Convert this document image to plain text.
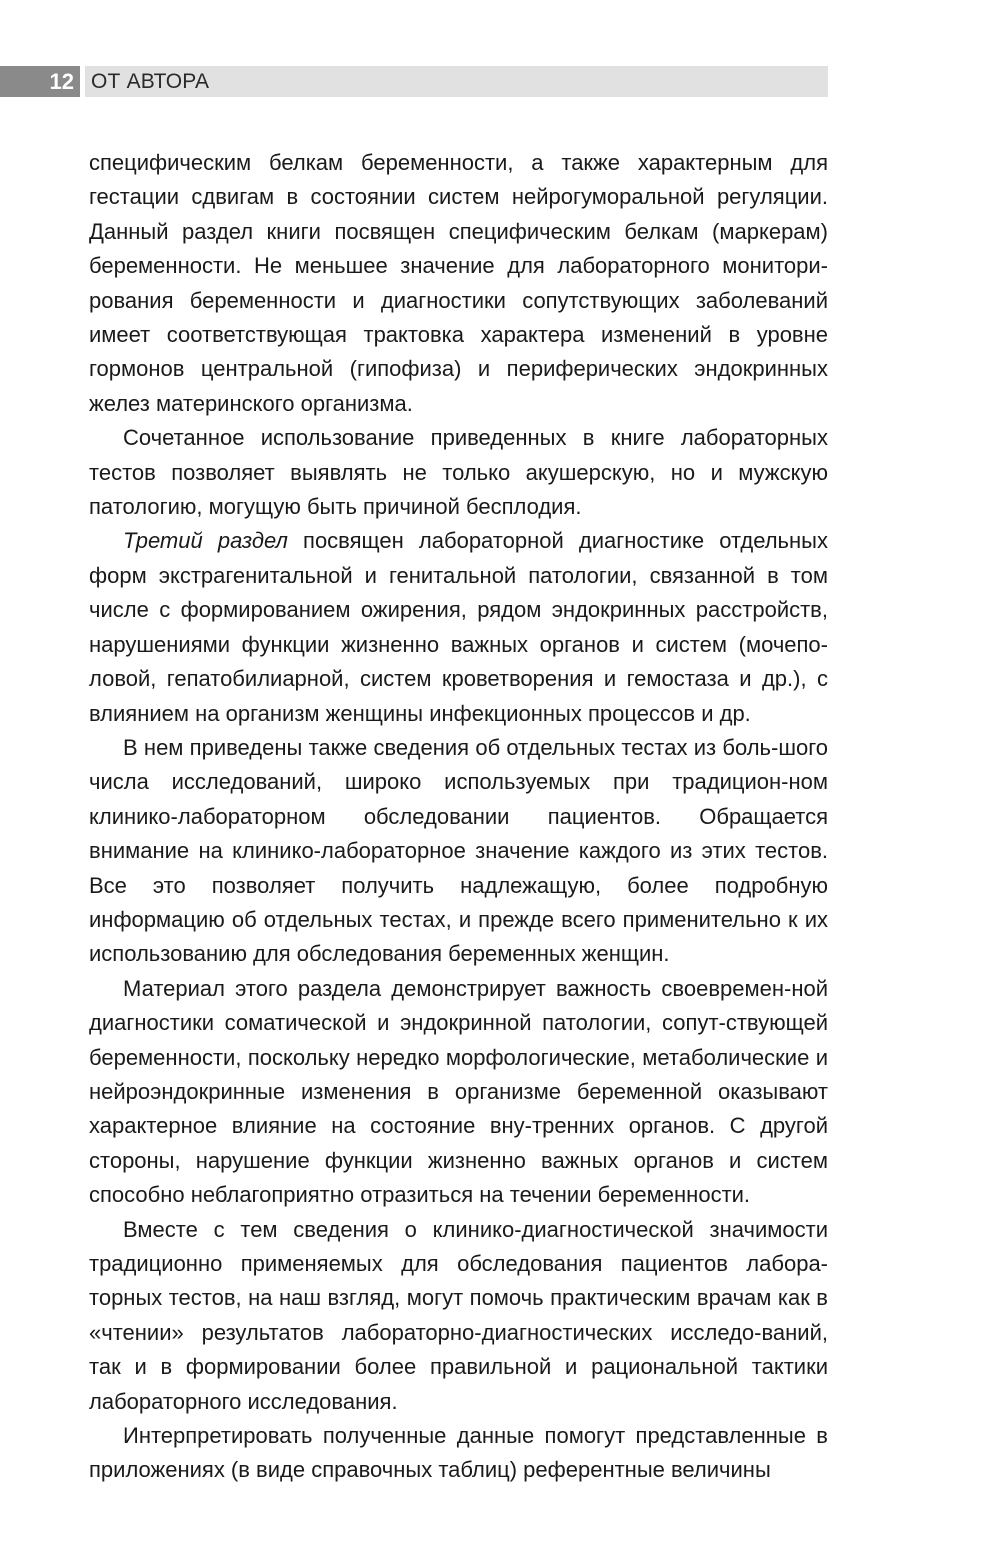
12 ОТ АВТОРА

специфическим белкам беременности, а также характерным для гестации сдвигам в состоянии систем нейрогуморальной регуляции. Данный раздел книги посвящен специфическим белкам (маркерам) беременности. Не меньшее значение для лабораторного монитори-рования беременности и диагностики сопутствующих заболеваний имеет соответствующая трактовка характера изменений в уровне гормонов центральной (гипофиза) и периферических эндокринных желез материнского организма.

Сочетанное использование приведенных в книге лабораторных тестов позволяет выявлять не только акушерскую, но и мужскую патологию, могущую быть причиной бесплодия.

Третий раздел посвящен лабораторной диагностике отдельных форм экстрагенитальной и генитальной патологии, связанной в том числе с формированием ожирения, рядом эндокринных расстройств, нарушениями функции жизненно важных органов и систем (мочепо-ловой, гепатобилиарной, систем кроветворения и гемостаза и др.), с влиянием на организм женщины инфекционных процессов и др.

В нем приведены также сведения об отдельных тестах из боль-шого числа исследований, широко используемых при традицион-ном клинико-лабораторном обследовании пациентов. Обращается внимание на клинико-лабораторное значение каждого из этих тестов. Все это позволяет получить надлежащую, более подробную информацию об отдельных тестах, и прежде всего применительно к их использованию для обследования беременных женщин.

Материал этого раздела демонстрирует важность своевремен-ной диагностики соматической и эндокринной патологии, сопут-ствующей беременности, поскольку нередко морфологические, метаболические и нейроэндокринные изменения в организме беременной оказывают характерное влияние на состояние вну-тренних органов. С другой стороны, нарушение функции жизненно важных органов и систем способно неблагоприятно отразиться на течении беременности.

Вместе с тем сведения о клинико-диагностической значимости традиционно применяемых для обследования пациентов лабора-торных тестов, на наш взгляд, могут помочь практическим врачам как в «чтении» результатов лабораторно-диагностических исследо-ваний, так и в формировании более правильной и рациональной тактики лабораторного исследования.

Интерпретировать полученные данные помогут представленные в приложениях (в виде справочных таблиц) референтные величины
